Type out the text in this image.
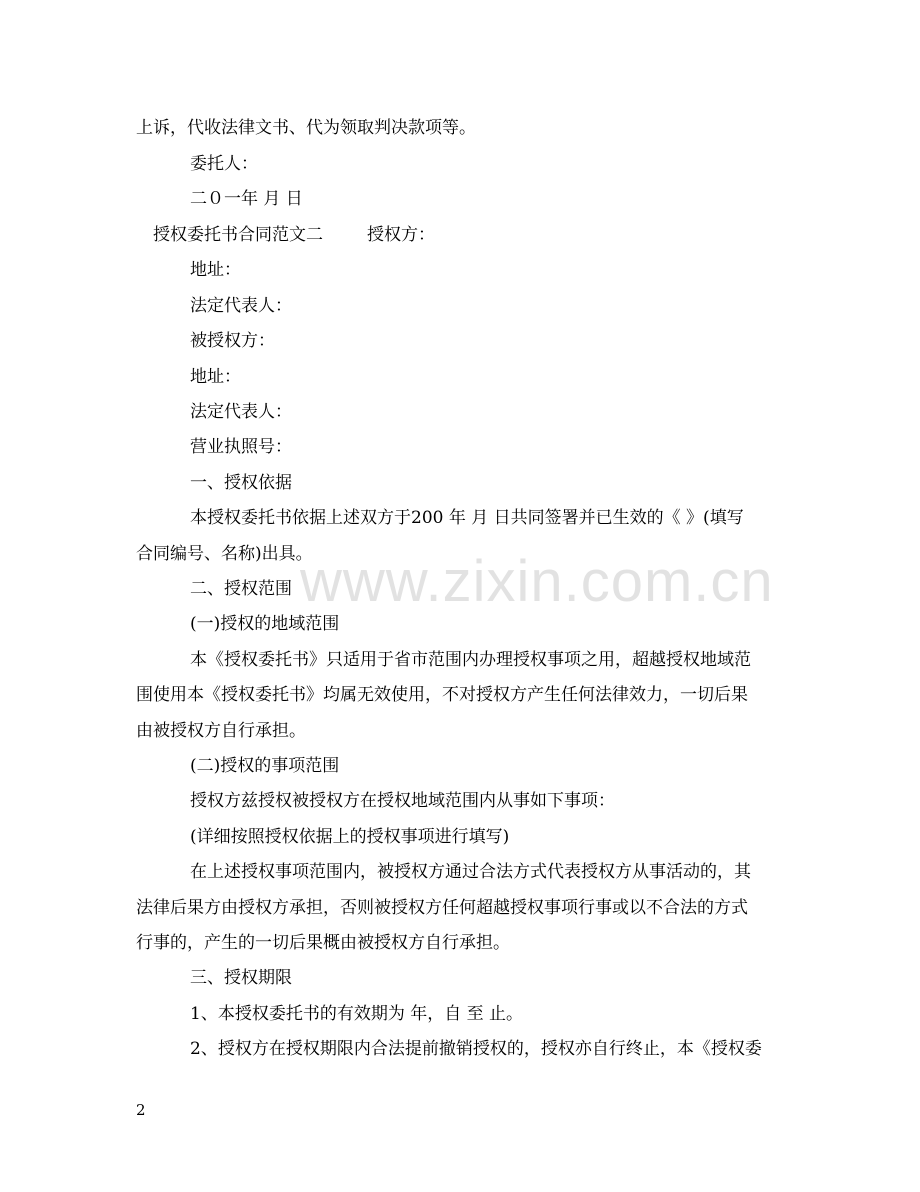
www.zixin.com.cn
上诉，代收法律文书、代为领取判决款项等。
委托人：
二０一年 月 日
授权委托书合同范文二	授权方：
地址：
法定代表人：
被授权方：
地址：
法定代表人：
营业执照号：
一、授权依据
本授权委托书依据上述双方于200 年 月 日共同签署并已生效的《 》(填写
合同编号、名称)出具。
二、授权范围
(一)授权的地域范围
本《授权委托书》只适用于省市范围内办理授权事项之用，超越授权地域范
围使用本《授权委托书》均属无效使用，不对授权方产生任何法律效力，一切后果
由被授权方自行承担。
(二)授权的事项范围
授权方兹授权被授权方在授权地域范围内从事如下事项：
(详细按照授权依据上的授权事项进行填写)
在上述授权事项范围内，被授权方通过合法方式代表授权方从事活动的，其
法律后果方由授权方承担，否则被授权方任何超越授权事项行事或以不合法的方式
行事的，产生的一切后果概由被授权方自行承担。
三、授权期限
1、本授权委托书的有效期为 年，自 至 止。
2、授权方在授权期限内合法提前撤销授权的，授权亦自行终止，本《授权委
2
